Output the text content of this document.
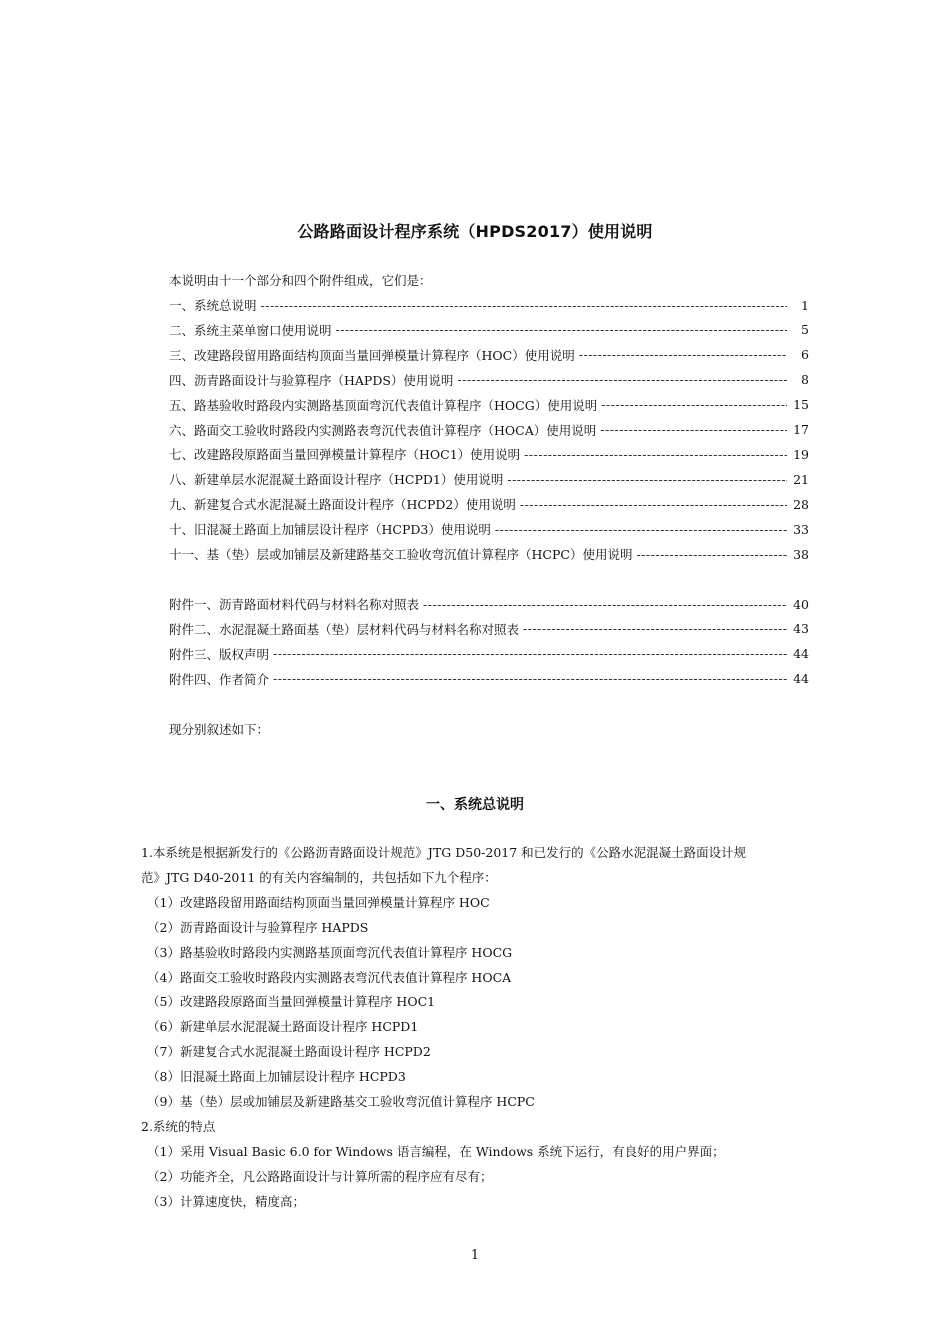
公路路面设计程序系统（HPDS2017）使用说明
本说明由十一个部分和四个附件组成，它们是：
一、系统总说明 -----	1
二、系统主菜单窗口使用说明 -----	5
三、改建路段留用路面结构顶面当量回弹模量计算程序（HOC）使用说明 -----	6
四、沥青路面设计与验算程序（HAPDS）使用说明 -----	8
五、路基验收时路段内实测路基顶面弯沉代表值计算程序（HOCG）使用说明 -----	15
六、路面交工验收时路段内实测路表弯沉代表值计算程序（HOCA）使用说明 -----	17
七、改建路段原路面当量回弹模量计算程序（HOC1）使用说明 -----	19
八、新建单层水泥混凝土路面设计程序（HCPD1）使用说明 -----	21
九、新建复合式水泥混凝土路面设计程序（HCPD2）使用说明 -----	28
十、旧混凝土路面上加铺层设计程序（HCPD3）使用说明 -----	33
十一、基（垫）层或加铺层及新建路基交工验收弯沉值计算程序（HCPC）使用说明 -----	38
附件一、沥青路面材料代码与材料名称对照表 -----	40
附件二、水泥混凝土路面基（垫）层材料代码与材料名称对照表 -----	43
附件三、版权声明 -----	44
附件四、作者简介 -----	44
现分别叙述如下：
一、系统总说明
1.本系统是根据新发行的《公路沥青路面设计规范》JTG D50-2017 和已发行的《公路水泥混凝土路面设计规
范》JTG D40-2011 的有关内容编制的，共包括如下九个程序：
（1）改建路段留用路面结构顶面当量回弹模量计算程序 HOC
（2）沥青路面设计与验算程序 HAPDS
（3）路基验收时路段内实测路基顶面弯沉代表值计算程序 HOCG
（4）路面交工验收时路段内实测路表弯沉代表值计算程序 HOCA
（5）改建路段原路面当量回弹模量计算程序 HOC1
（6）新建单层水泥混凝土路面设计程序 HCPD1
（7）新建复合式水泥混凝土路面设计程序 HCPD2
（8）旧混凝土路面上加铺层设计程序 HCPD3
（9）基（垫）层或加铺层及新建路基交工验收弯沉值计算程序 HCPC
2.系统的特点
（1）采用 Visual Basic 6.0 for Windows 语言编程，在 Windows 系统下运行，有良好的用户界面；
（2）功能齐全，凡公路路面设计与计算所需的程序应有尽有；
（3）计算速度快，精度高；
1
